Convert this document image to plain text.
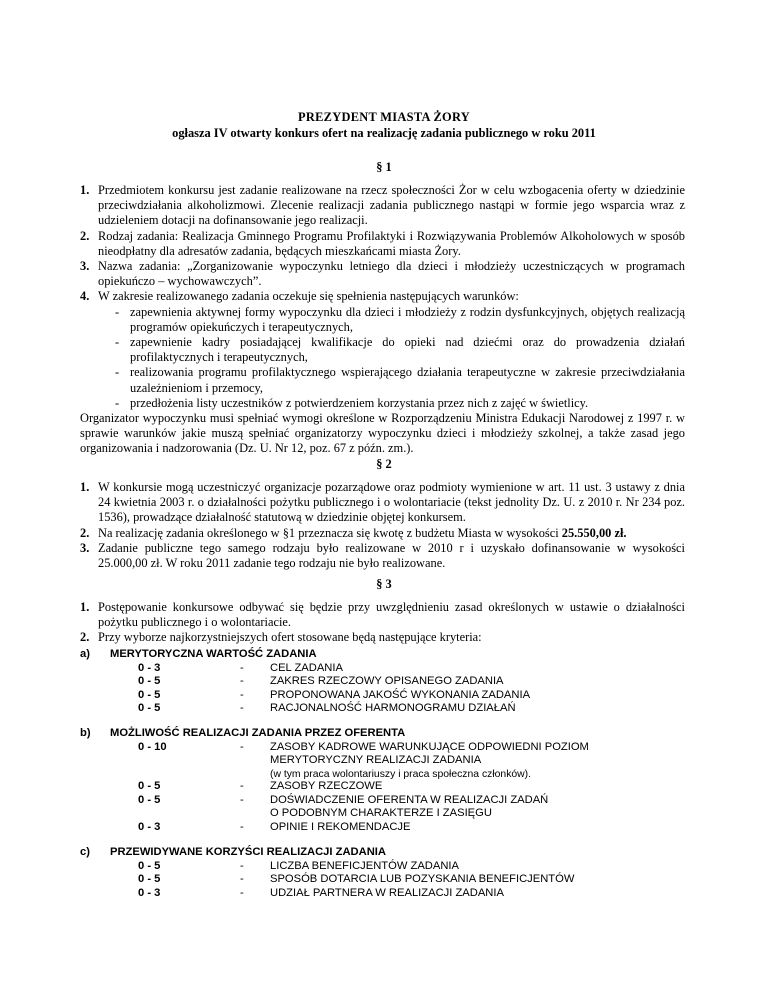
PREZYDENT MIASTA ŻORY
ogłasza IV otwarty konkurs ofert na realizację zadania publicznego w roku 2011
§ 1
1. Przedmiotem konkursu jest zadanie realizowane na rzecz społeczności Żor w celu wzbogacenia oferty w dziedzinie przeciwdziałania alkoholizmowi. Zlecenie realizacji zadania publicznego nastąpi w formie jego wsparcia wraz z udzieleniem dotacji na dofinansowanie jego realizacji.
2. Rodzaj zadania: Realizacja Gminnego Programu Profilaktyki i Rozwiązywania Problemów Alkoholowych w sposób nieodpłatny dla adresatów zadania, będących mieszkańcami miasta Żory.
3. Nazwa zadania: „Zorganizowanie wypoczynku letniego dla dzieci i młodzieży uczestniczących w programach opiekuńczo – wychowawczych”.
4. W zakresie realizowanego zadania oczekuje się spełnienia następujących warunków:
- zapewnienia aktywnej formy wypoczynku dla dzieci i młodzieży z rodzin dysfunkcyjnych, objętych realizacją programów opiekuńczych i terapeutycznych,
- zapewnienie kadry posiadającej kwalifikacje do opieki nad dziećmi oraz do prowadzenia działań profilaktycznych i terapeutycznych,
- realizowania programu profilaktycznego wspierającego działania terapeutyczne w zakresie przeciwdziałania uzależnieniom i przemocy,
- przedłożenia listy uczestników z potwierdzeniem korzystania przez nich z zajęć w świetlicy.

Organizator wypoczynku musi spełniać wymogi określone w Rozporządzeniu Ministra Edukacji Narodowej z 1997 r. w sprawie warunków jakie muszą spełniać organizatorzy wypoczynku dzieci i młodzieży szkolnej, a także zasad jego organizowania i nadzorowania (Dz. U. Nr 12, poz. 67 z późn. zm.).

§ 2
1. W konkursie mogą uczestniczyć organizacje pozarządowe oraz podmioty wymienione w art. 11 ust. 3 ustawy z dnia 24 kwietnia 2003 r. o działalności pożytku publicznego i o wolontariacie (tekst jednolity Dz. U. z 2010 r. Nr 234 poz. 1536), prowadzące działalność statutową w dziedzinie objętej konkursem.
2. Na realizację zadania określonego w §1 przeznacza się kwotę z budżetu Miasta w wysokości 25.550,00 zł.
3. Zadanie publiczne tego samego rodzaju było realizowane w 2010 r i uzyskało dofinansowanie w wysokości 25.000,00 zł. W roku 2011 zadanie tego rodzaju nie było realizowane.
§ 3
1. Postępowanie konkursowe odbywać się będzie przy uwzględnieniu zasad określonych w ustawie o działalności pożytku publicznego i o wolontariacie.
2. Przy wyborze najkorzystniejszych ofert stosowane będą następujące kryteria:
a) MERYTORYCZNA WARTOŚĆ ZADANIA
0 - 3	- CEL ZADANIA
0 - 5	- ZAKRES RZECZOWY OPISANEGO ZADANIA
0 - 5	- PROPONOWANA JAKOŚĆ WYKONANIA ZADANIA
0 - 5	- RACJONALNOŚĆ HARMONOGRAMU DZIAŁAŃ
b) MOŻLIWOŚĆ REALIZACJI ZADANIA PRZEZ OFERENTA
0 - 10	- ZASOBY KADROWE WARUNKUJĄCE ODPOWIEDNI POZIOM
MERYTORYCZNY REALIZACJI ZADANIA
(w tym praca wolontariuszy i praca społeczna członków).
0 - 5	- ZASOBY RZECZOWE
0 - 5	- DOŚWIADCZENIE OFERENTA W REALIZACJI ZADAŃ
O PODOBNYM CHARAKTERZE I ZASIĘGU
0 - 3	- OPINIE I REKOMENDACJE
c) PRZEWIDYWANE KORZYŚCI REALIZACJI ZADANIA
0 - 5	- LICZBA BENEFICJENTÓW ZADANIA
0 - 5	- SPOSÓB DOTARCIA LUB POZYSKANIA BENEFICJENTÓW
0 - 3	- UDZIAŁ PARTNERA W REALIZACJI ZADANIA
